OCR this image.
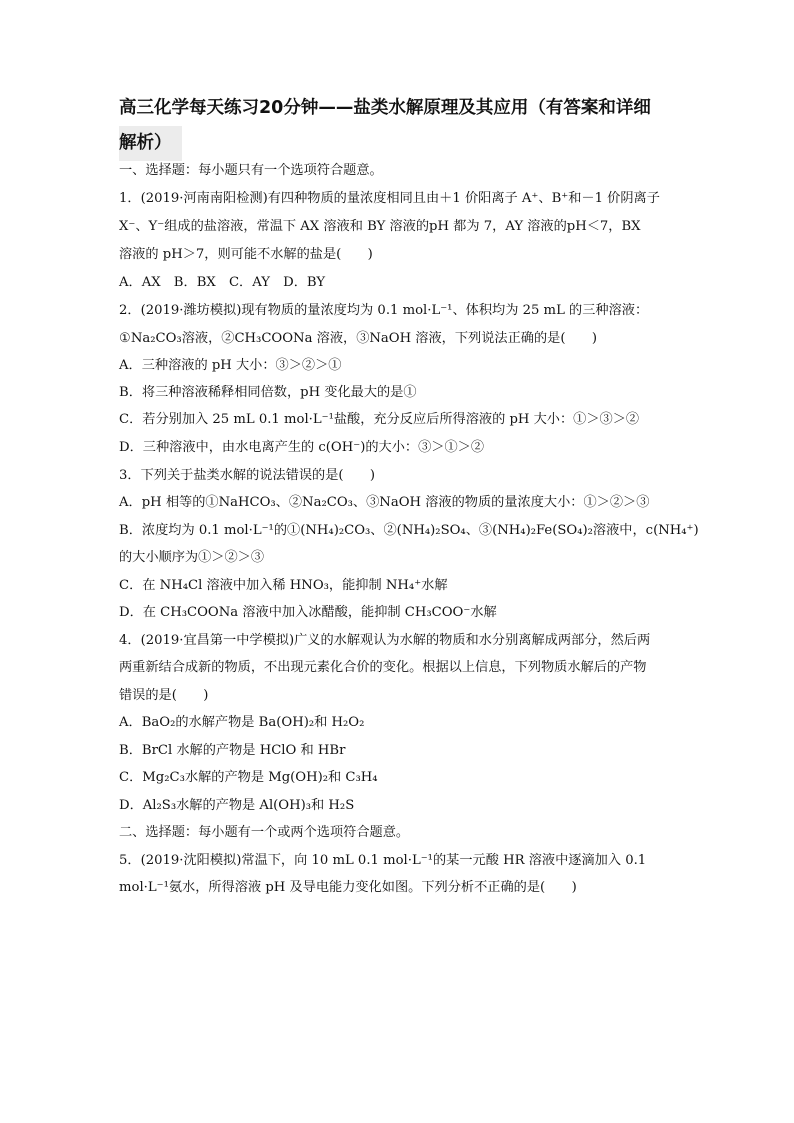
高三化学每天练习20分钟——盐类水解原理及其应用（有答案和详细
解析）
一、选择题：每小题只有一个选项符合题意。
1．(2019·河南南阳检测)有四种物质的量浓度相同且由＋1 价阳离子 A⁺、B⁺和－1 价阴离子
X⁻、Y⁻组成的盐溶液，常温下 AX 溶液和 BY 溶液的pH 都为 7，AY 溶液的pH＜7，BX
溶液的 pH＞7，则可能不水解的盐是(　　)
A．AX　B．BX　C．AY　D．BY
2．(2019·潍坊模拟)现有物质的量浓度均为 0.1 mol·L⁻¹、体积均为 25 mL 的三种溶液：
①Na₂CO₃溶液，②CH₃COONa 溶液，③NaOH 溶液，下列说法正确的是(　　)
A．三种溶液的 pH 大小：③＞②＞①
B．将三种溶液稀释相同倍数，pH 变化最大的是①
C．若分别加入 25 mL 0.1 mol·L⁻¹盐酸，充分反应后所得溶液的 pH 大小：①＞③＞②
D．三种溶液中，由水电离产生的 c(OH⁻)的大小：③＞①＞②
3．下列关于盐类水解的说法错误的是(　　)
A．pH 相等的①NaHCO₃、②Na₂CO₃、③NaOH 溶液的物质的量浓度大小：①＞②＞③
B．浓度均为 0.1 mol·L⁻¹的①(NH₄)₂CO₃、②(NH₄)₂SO₄、③(NH₄)₂Fe(SO₄)₂溶液中，c(NH₄⁺)
的大小顺序为①＞②＞③
C．在 NH₄Cl 溶液中加入稀 HNO₃，能抑制 NH₄⁺水解
D．在 CH₃COONa 溶液中加入冰醋酸，能抑制 CH₃COO⁻水解
4．(2019·宜昌第一中学模拟)广义的水解观认为水解的物质和水分别离解成两部分，然后两
两重新结合成新的物质，不出现元素化合价的变化。根据以上信息，下列物质水解后的产物
错误的是(　　)
A．BaO₂的水解产物是 Ba(OH)₂和 H₂O₂
B．BrCl 水解的产物是 HClO 和 HBr
C．Mg₂C₃水解的产物是 Mg(OH)₂和 C₃H₄
D．Al₂S₃水解的产物是 Al(OH)₃和 H₂S
二、选择题：每小题有一个或两个选项符合题意。
5．(2019·沈阳模拟)常温下，向 10 mL 0.1 mol·L⁻¹的某一元酸 HR 溶液中逐滴加入 0.1
mol·L⁻¹氨水，所得溶液 pH 及导电能力变化如图。下列分析不正确的是(　　)
